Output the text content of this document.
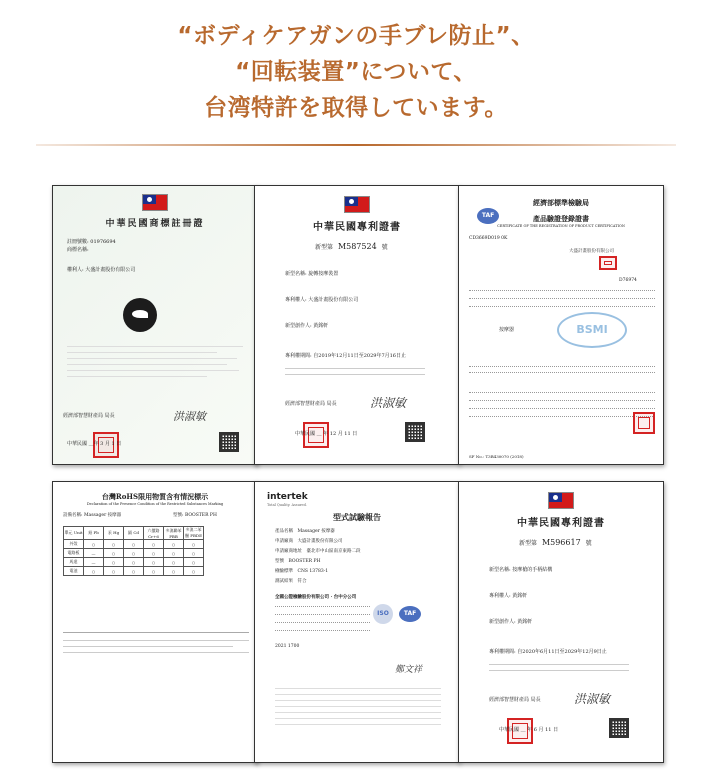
“ボディケアガンの手ブレ防止”、
“回転装置”について、
台湾特許を取得しています。
中華民國商標註冊證
註冊號數: 01976694
商標名稱:
權利人: 大盛計畫股份有限公司
經濟部智慧財產局 局長	洪淑敏
中華民國 ＿年 3 月 1 日
中華民國專利證書
新型第 M587524 號
新型名稱: 旋轉按摩裝置
專利權人: 大盛計畫股份有限公司
新型創作人: 黃銘軒
專利權期間: 自2019年12月11日至2029年7月16日止
經濟部智慧財產局 局長	洪淑敏
中華民國 ＿ 年 12 月 11 日
TAF
經濟部標準檢驗局
產品驗證登錄證書
CERTIFICATE OF THE REGISTRATION OF PRODUCT CERTIFICATION
CD3669D019 0K
大盛計畫股份有限公司
D76974
按摩器	BSMI
SF No.: T3B430070 (2018)
台灣RoHS限用物質含有情況標示
Declaration of the Presence Condition of the Restricted Substances Marking
設備名稱: Massager 按摩器	型號: BOOSTER PH
單元 Unit	鉛 Pb	汞 Hg	鎘 Cd	六價鉻 Cr+6	多溴聯苯 PBB	多溴二苯醚 PBDE
外殼	○	○	○	○	○	○
電路板	—	○	○	○	○	○
馬達	—	○	○	○	○	○
電池	○	○	○	○	○	○
intertek
Total Quality. Assured.
型式試驗報告
產品名稱　 Massager 按摩器
申請廠商　 大盛計畫股份有限公司
申請廠商地址　 臺北市中山區南京東路二段
型號　 BOOSTER PH
檢驗標準　 CNS 13783-1
測試結果　 符合
全國公證檢驗股份有限公司 · 台中分公司
ISO	TAF
2021 1700
鄭文祥
中華民國專利證書
新型第 M596617 號
新型名稱: 按摩槍的手柄結構
專利權人: 黃銘軒
新型創作人: 黃銘軒
專利權期間: 自2020年6月11日至2029年12月9日止
經濟部智慧財產局 局長	洪淑敏
中華民國 ＿ 年 6 月 11 日
